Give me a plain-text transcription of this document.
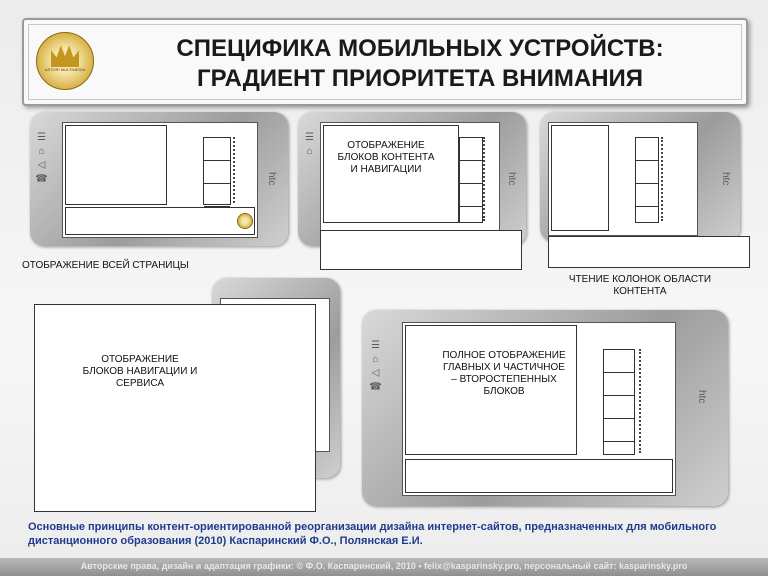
ASTORI MULTIMEDIA
СПЕЦИФИКА МОБИЛЬНЫХ УСТРОЙСТВ:
ГРАДИЕНТ ПРИОРИТЕТА ВНИМАНИЯ
☰ ⌂ ◁ ☎	htc
☰ ⌂
htc	htc
ОТОБРАЖЕНИЕ БЛОКОВ КОНТЕНТА И НАВИГАЦИИ
ОТОБРАЖЕНИЕ ВСЕЙ СТРАНИЦЫ
ЧТЕНИЕ КОЛОНОК ОБЛАСТИ КОНТЕНТА
ОТОБРАЖЕНИЕ БЛОКОВ НАВИГАЦИИ И СЕРВИСА	☰ ⌂ ◁ ☎
htc
ПОЛНОЕ ОТОБРАЖЕНИЕ ГЛАВНЫХ И ЧАСТИЧНОЕ – ВТОРОСТЕПЕННЫХ БЛОКОВ
Основные принципы контент-ориентированной реорганизации дизайна интернет-сайтов, предназначенных для мобильного дистанционного образования (2010) Каспаринский Ф.О., Полянская Е.И.
Авторские права, дизайн и адаптация графики: © Ф.О. Каспаринский, 2010 • felix@kasparinsky.pro, персональный сайт: kasparinsky.pro
